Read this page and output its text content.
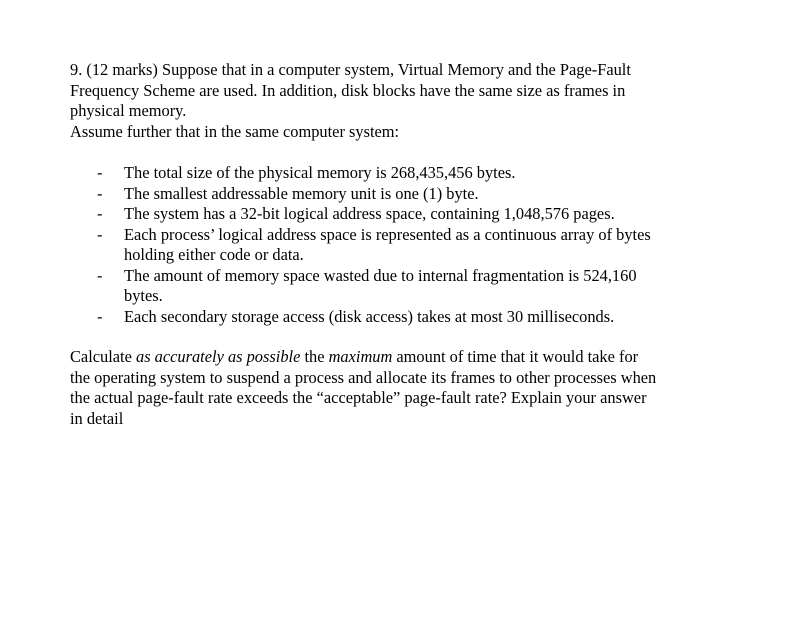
9. (12 marks) Suppose that in a computer system, Virtual Memory and the Page-Fault
Frequency Scheme are used. In addition, disk blocks have the same size as frames in
physical memory.
Assume further that in the same computer system:

- The total size of the physical memory is 268,435,456 bytes.
- The smallest addressable memory unit is one (1) byte.
- The system has a 32-bit logical address space, containing 1,048,576 pages.
- Each process’ logical address space is represented as a continuous array of bytes
holding either code or data.
- The amount of memory space wasted due to internal fragmentation is 524,160
bytes.
- Each secondary storage access (disk access) takes at most 30 milliseconds.

Calculate as accurately as possible the maximum amount of time that it would take for
the operating system to suspend a process and allocate its frames to other processes when
the actual page-fault rate exceeds the “acceptable” page-fault rate? Explain your answer
in detail
